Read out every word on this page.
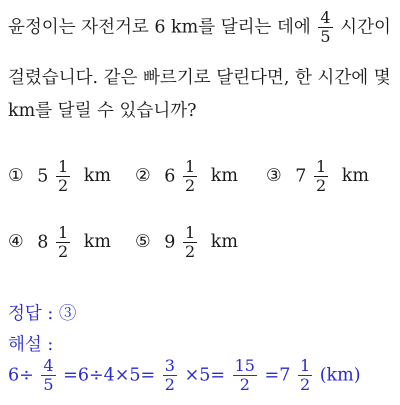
윤정이는 자전거로 6 km를 달리는 데에 $\frac{4}{5}$ 시간이
걸렸습니다. 같은 빠르기로 달린다면, 한 시간에 몇
km를 달릴 수 있습니까?
① $5 \frac{1}{2}$ km ② $6 \frac{1}{2}$ km ③ $7 \frac{1}{2}$ km
④ $8 \frac{1}{2}$ km ⑤ $9 \frac{1}{2}$ km
정답 : ③
해설 :
$6\div \frac{4}{5} =6\div 4\times 5= \frac{3}{2} \times 5= \frac{15}{2} =7 \frac{1}{2} (km)$
